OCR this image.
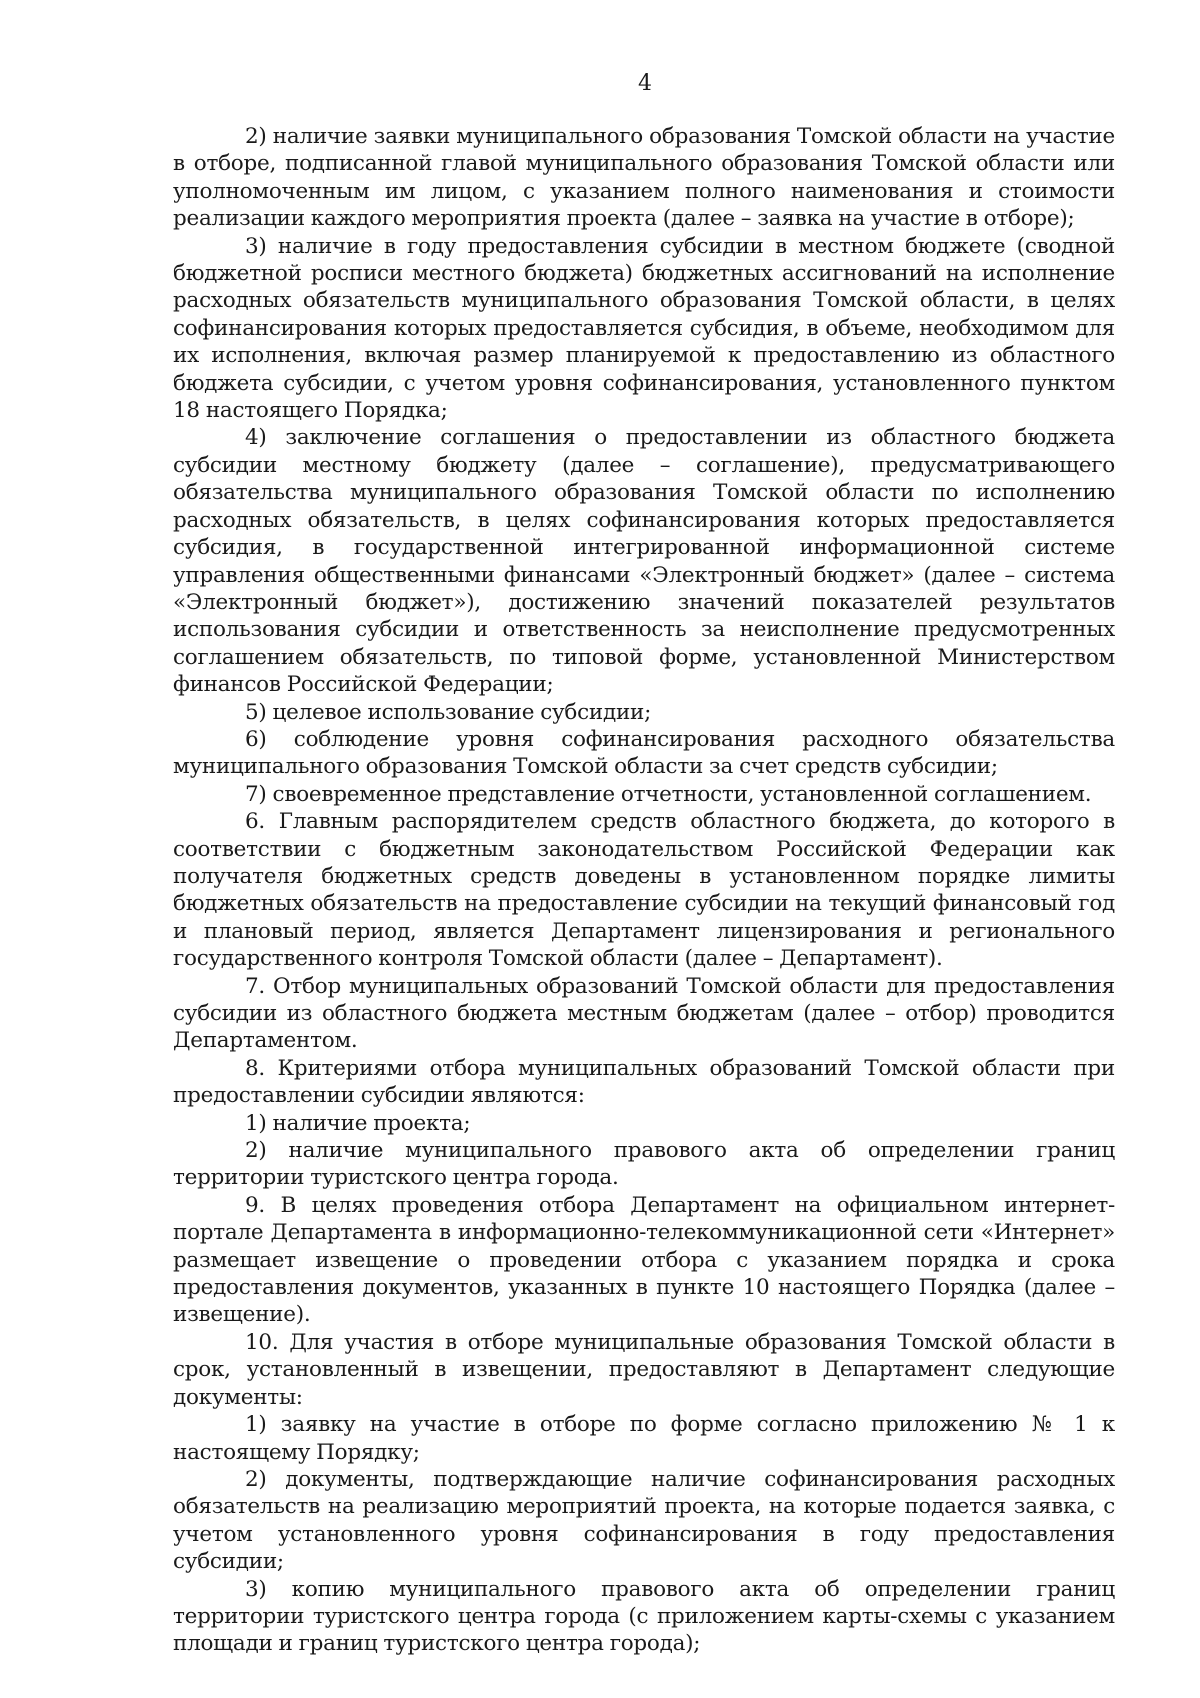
4

2) наличие заявки муниципального образования Томской области на участие в отборе, подписанной главой муниципального образования Томской области или уполномоченным им лицом, с указанием полного наименования и стоимости реализации каждого мероприятия проекта (далее – заявка на участие в отборе);

3) наличие в году предоставления субсидии в местном бюджете (сводной бюджетной росписи местного бюджета) бюджетных ассигнований на исполнение расходных обязательств муниципального образования Томской области, в целях софинансирования которых предоставляется субсидия, в объеме, необходимом для их исполнения, включая размер планируемой к предоставлению из областного бюджета субсидии, с учетом уровня софинансирования, установленного пунктом 18 настоящего Порядка;

4) заключение соглашения о предоставлении из областного бюджета субсидии местному бюджету (далее – соглашение), предусматривающего обязательства муниципального образования Томской области по исполнению расходных обязательств, в целях софинансирования которых предоставляется субсидия, в государственной интегрированной информационной системе управления общественными финансами «Электронный бюджет» (далее – система «Электронный бюджет»), достижению значений показателей результатов использования субсидии и ответственность за неисполнение предусмотренных соглашением обязательств, по типовой форме, установленной Министерством финансов Российской Федерации;

5) целевое использование субсидии;

6) соблюдение уровня софинансирования расходного обязательства муниципального образования Томской области за счет средств субсидии;

7) своевременное представление отчетности, установленной соглашением.

6. Главным распорядителем средств областного бюджета, до которого в соответствии с бюджетным законодательством Российской Федерации как получателя бюджетных средств доведены в установленном порядке лимиты бюджетных обязательств на предоставление субсидии на текущий финансовый год и плановый период, является Департамент лицензирования и регионального государственного контроля Томской области (далее – Департамент).

7. Отбор муниципальных образований Томской области для предоставления субсидии из областного бюджета местным бюджетам (далее – отбор) проводится Департаментом.

8. Критериями отбора муниципальных образований Томской области при предоставлении субсидии являются:

1) наличие проекта;

2) наличие муниципального правового акта об определении границ территории туристского центра города.

9. В целях проведения отбора Департамент на официальном интернет-портале Департамента в информационно-телекоммуникационной сети «Интернет» размещает извещение о проведении отбора с указанием порядка и срока предоставления документов, указанных в пункте 10 настоящего Порядка (далее – извещение).

10. Для участия в отборе муниципальные образования Томской области в срок, установленный в извещении, предоставляют в Департамент следующие документы:

1) заявку на участие в отборе по форме согласно приложению № 1 к настоящему Порядку;

2) документы, подтверждающие наличие софинансирования расходных обязательств на реализацию мероприятий проекта, на которые подается заявка, с учетом установленного уровня софинансирования в году предоставления субсидии;

3) копию муниципального правового акта об определении границ территории туристского центра города (с приложением карты-схемы с указанием площади и границ туристского центра города);
